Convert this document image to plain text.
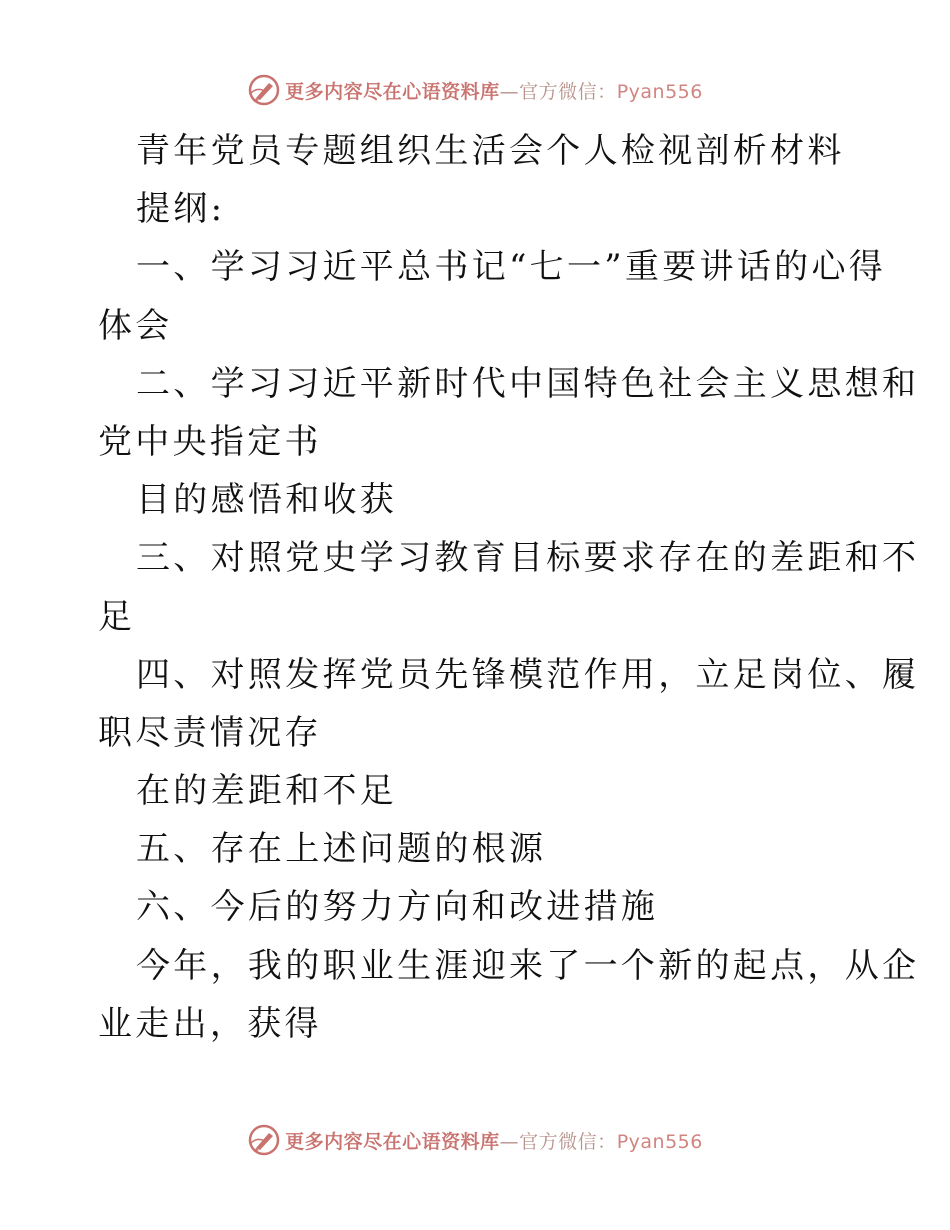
更多内容尽在心语资料库—官方微信：Pyan556
青年党员专题组织生活会个人检视剖析材料
提纲:
一、学习习近平总书记“七一”重要讲话的心得
体会
二、学习习近平新时代中国特色社会主义思想和
党中央指定书
目的感悟和收获
三、对照党史学习教育目标要求存在的差距和不
足
四、对照发挥党员先锋模范作用，立足岗位、履
职尽责情况存
在的差距和不足
五、存在上述问题的根源
六、今后的努力方向和改进措施
今年，我的职业生涯迎来了一个新的起点，从企
业走出，获得
更多内容尽在心语资料库—官方微信：Pyan556
